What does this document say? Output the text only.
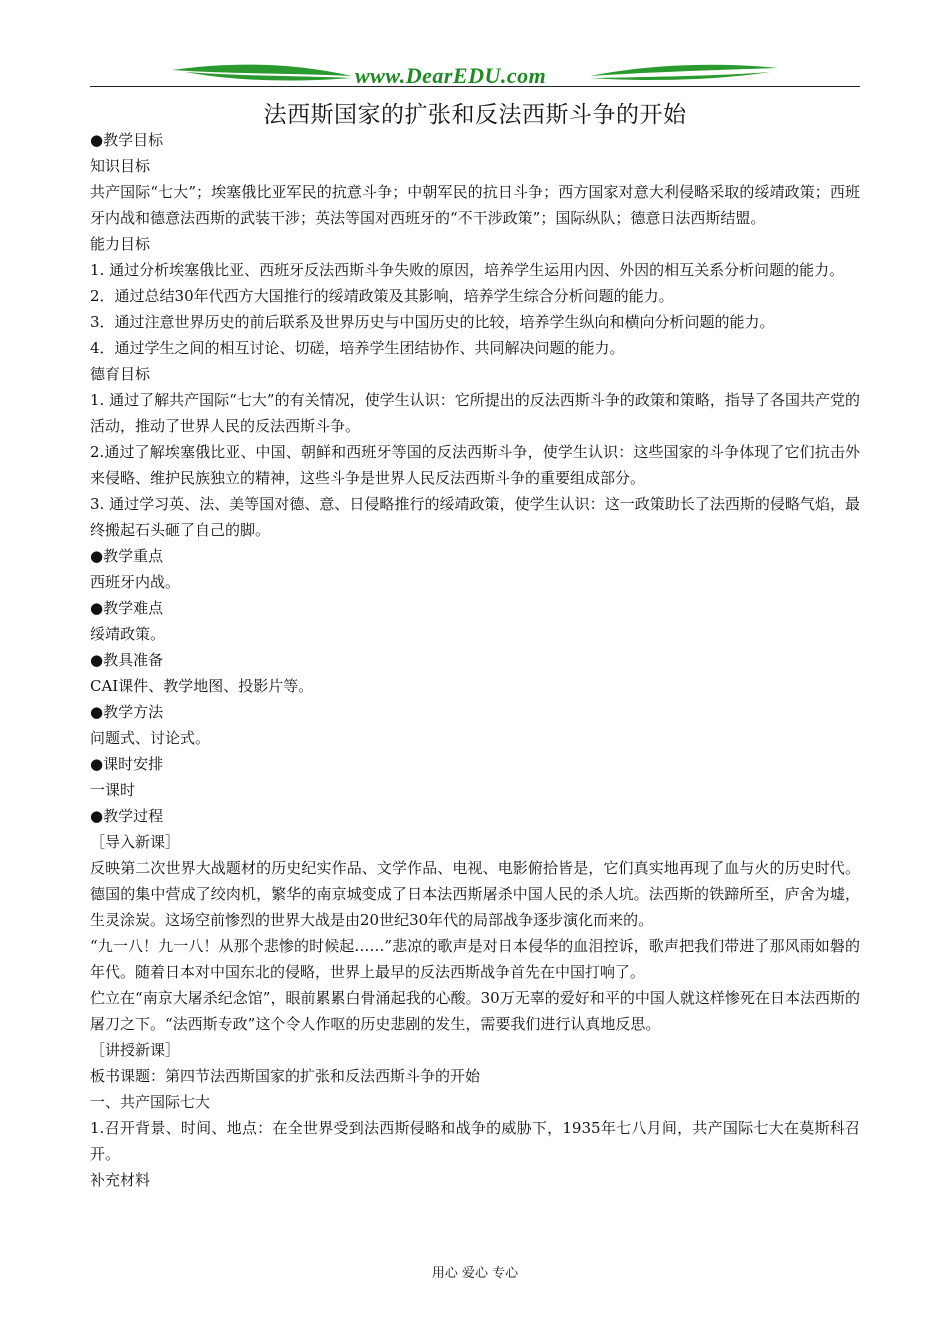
www.DearEDU.com
法西斯国家的扩张和反法西斯斗争的开始

●教学目标

知识目标

共产国际“七大”；埃塞俄比亚军民的抗意斗争；中朝军民的抗日斗争；西方国家对意大利侵略采取的绥靖政策；西班牙内战和德意法西斯的武装干涉；英法等国对西班牙的“不干涉政策”；国际纵队；德意日法西斯结盟。

能力目标

1. 通过分析埃塞俄比亚、西班牙反法西斯斗争失败的原因，培养学生运用内因、外因的相互关系分析问题的能力。

2．通过总结30年代西方大国推行的绥靖政策及其影响，培养学生综合分析问题的能力。

3．通过注意世界历史的前后联系及世界历史与中国历史的比较，培养学生纵向和横向分析问题的能力。

4．通过学生之间的相互讨论、切磋，培养学生团结协作、共同解决问题的能力。

德育目标

1. 通过了解共产国际“七大”的有关情况，使学生认识：它所提出的反法西斯斗争的政策和策略，指导了各国共产党的活动，推动了世界人民的反法西斯斗争。

2.通过了解埃塞俄比亚、中国、朝鲜和西班牙等国的反法西斯斗争，使学生认识：这些国家的斗争体现了它们抗击外来侵略、维护民族独立的精神，这些斗争是世界人民反法西斯斗争的重要组成部分。

3. 通过学习英、法、美等国对德、意、日侵略推行的绥靖政策，使学生认识：这一政策助长了法西斯的侵略气焰，最终搬起石头砸了自己的脚。

●教学重点

西班牙内战。

●教学难点

绥靖政策。

●教具准备

CAI课件、教学地图、投影片等。

●教学方法

问题式、讨论式。

●课时安排

一课时

●教学过程

［导入新课］

反映第二次世界大战题材的历史纪实作品、文学作品、电视、电影俯拾皆是，它们真实地再现了血与火的历史时代。德国的集中营成了绞肉机，繁华的南京城变成了日本法西斯屠杀中国人民的杀人坑。法西斯的铁蹄所至，庐舍为墟，生灵涂炭。这场空前惨烈的世界大战是由20世纪30年代的局部战争逐步演化而来的。

“九一八！九一八！从那个悲惨的时候起……”悲凉的歌声是对日本侵华的血泪控诉，歌声把我们带进了那风雨如磐的年代。随着日本对中国东北的侵略，世界上最早的反法西斯战争首先在中国打响了。

伫立在“南京大屠杀纪念馆”，眼前累累白骨涌起我的心酸。30万无辜的爱好和平的中国人就这样惨死在日本法西斯的屠刀之下。“法西斯专政”这个令人作呕的历史悲剧的发生，需要我们进行认真地反思。

［讲授新课］

板书课题：第四节法西斯国家的扩张和反法西斯斗争的开始

一、共产国际七大

1.召开背景、时间、地点：在全世界受到法西斯侵略和战争的威胁下，1935年七八月间，共产国际七大在莫斯科召开。

补充材料

用心 爱心 专心
